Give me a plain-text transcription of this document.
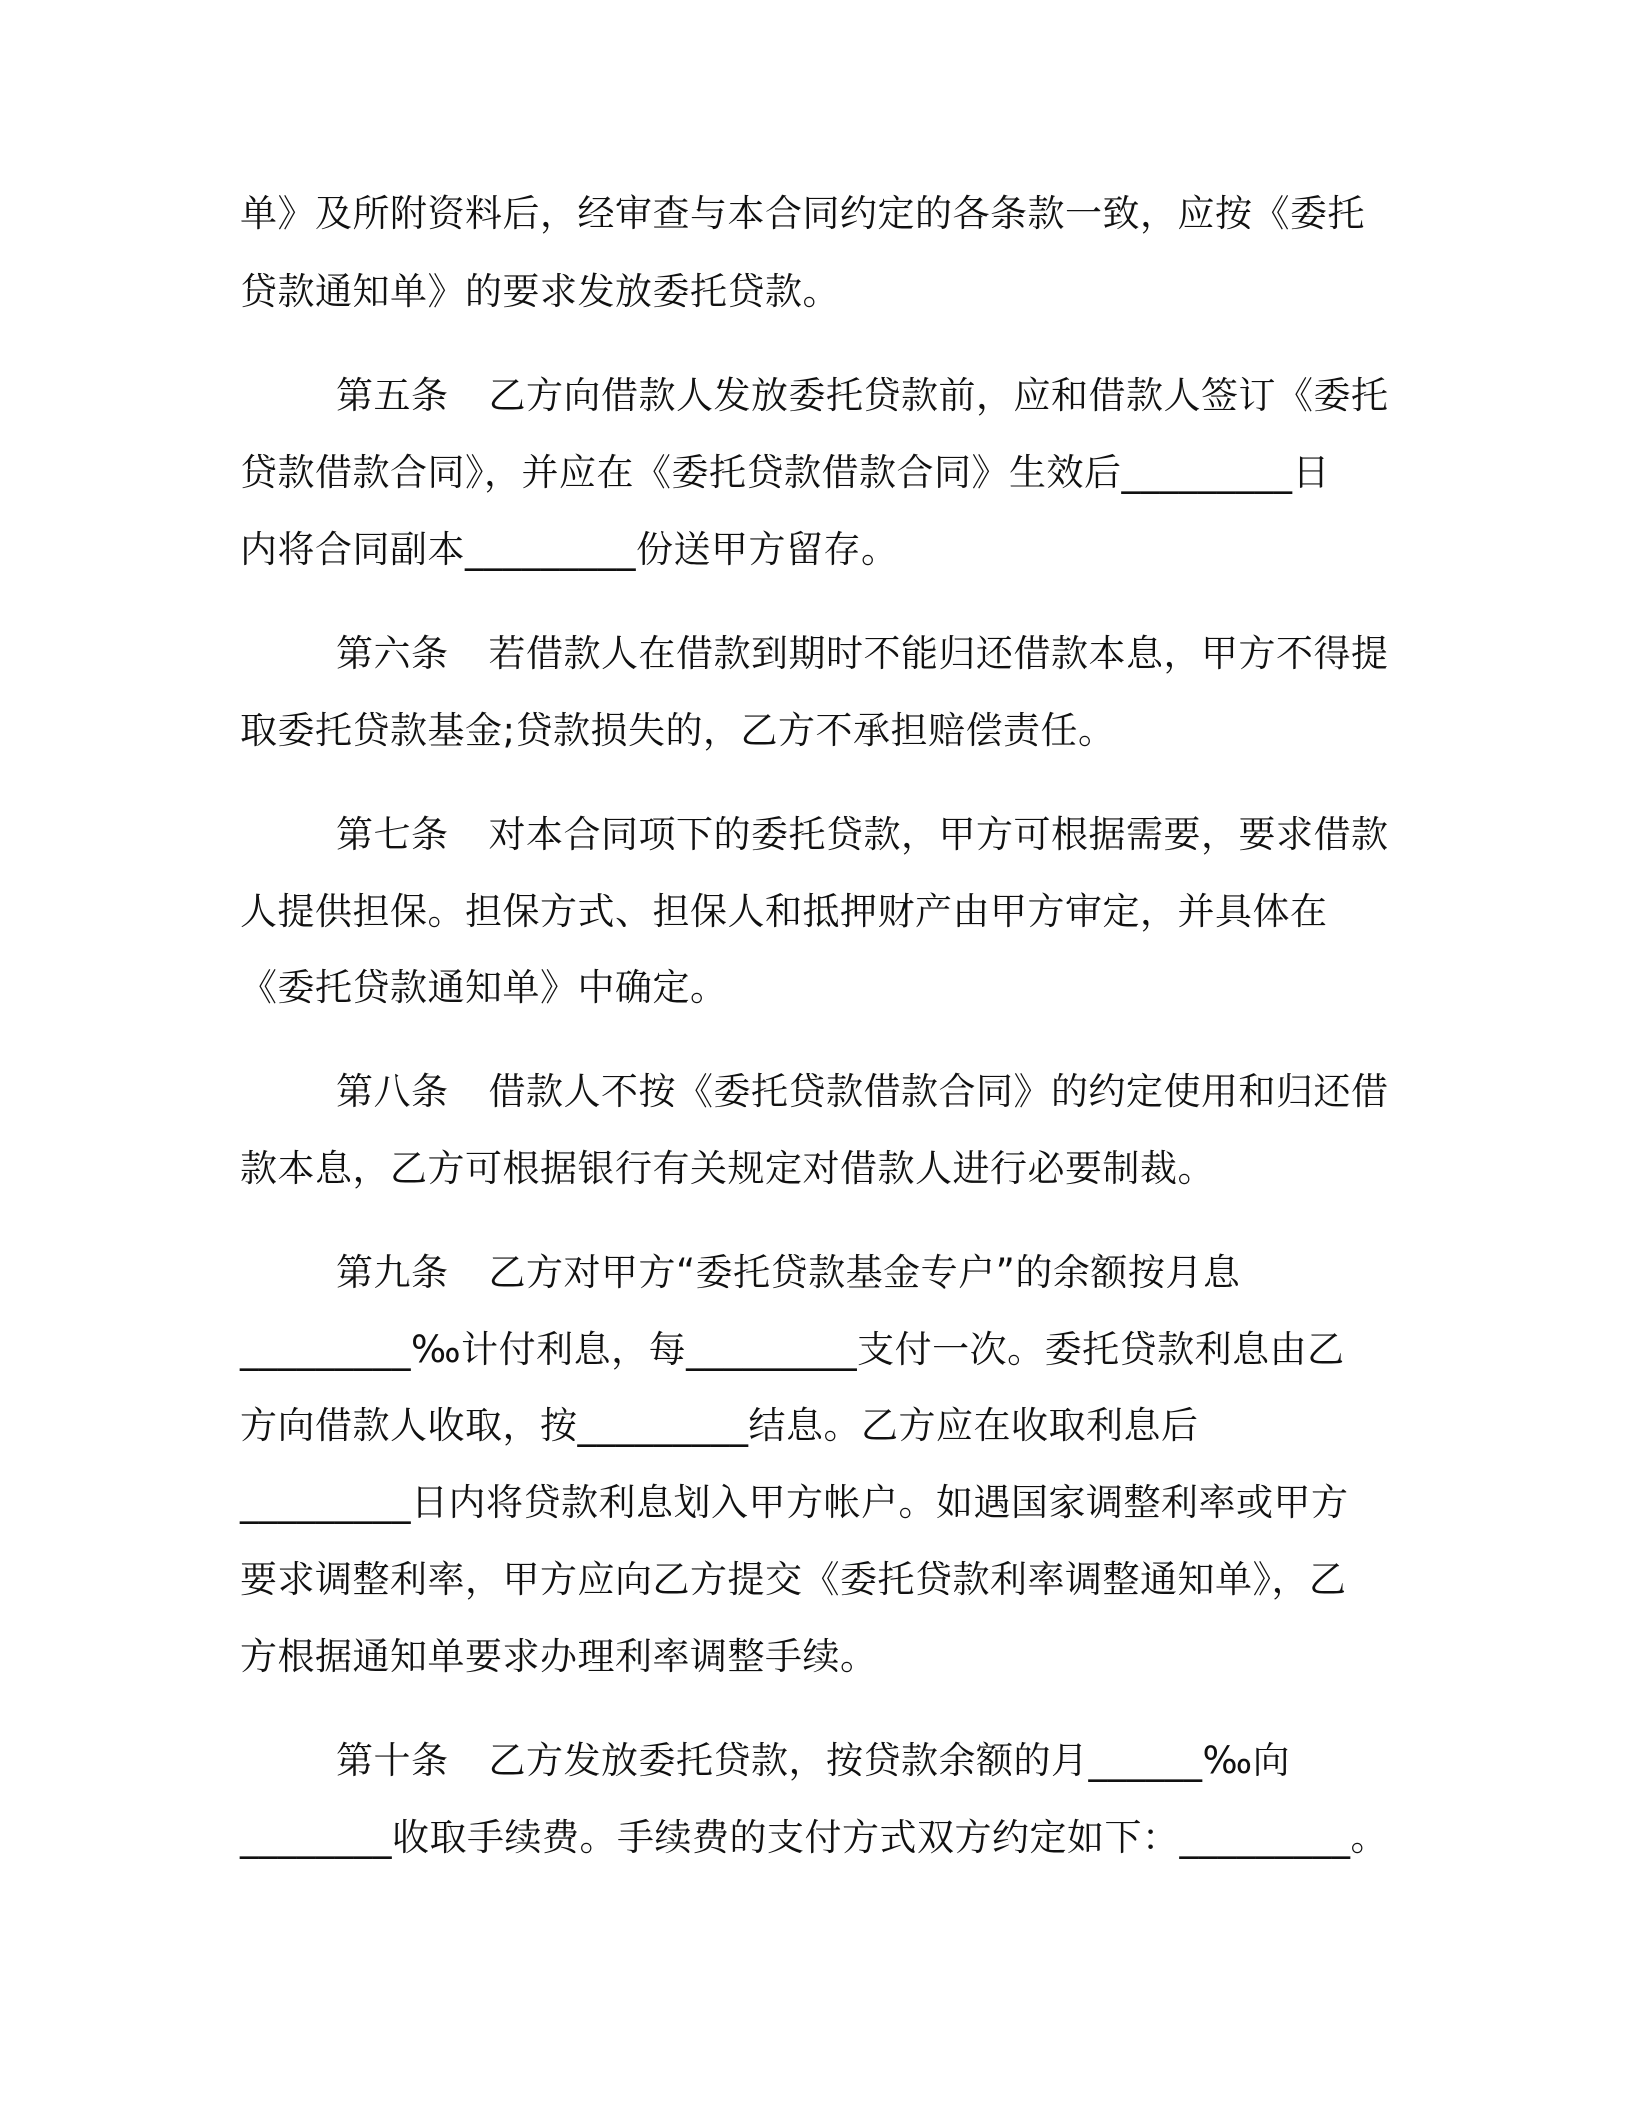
单》及所附资料后，经审查与本合同约定的各条款一致，应按《委托
贷款通知单》的要求发放委托贷款。
第五条 乙方向借款人发放委托贷款前，应和借款人签订《委托
贷款借款合同》，并应在《委托贷款借款合同》生效后_________日
内将合同副本_________份送甲方留存。
第六条 若借款人在借款到期时不能归还借款本息，甲方不得提
取委托贷款基金;贷款损失的，乙方不承担赔偿责任。
第七条 对本合同项下的委托贷款，甲方可根据需要，要求借款
人提供担保。担保方式、担保人和抵押财产由甲方审定，并具体在
《委托贷款通知单》中确定。
第八条 借款人不按《委托贷款借款合同》的约定使用和归还借
款本息，乙方可根据银行有关规定对借款人进行必要制裁。
第九条 乙方对甲方“委托贷款基金专户”的余额按月息
_________‰计付利息，每_________支付一次。委托贷款利息由乙
方向借款人收取，按_________结息。乙方应在收取利息后
_________日内将贷款利息划入甲方帐户。如遇国家调整利率或甲方
要求调整利率，甲方应向乙方提交《委托贷款利率调整通知单》，乙
方根据通知单要求办理利率调整手续。
第十条 乙方发放委托贷款，按贷款余额的月______‰向
________收取手续费。手续费的支付方式双方约定如下：_________。
